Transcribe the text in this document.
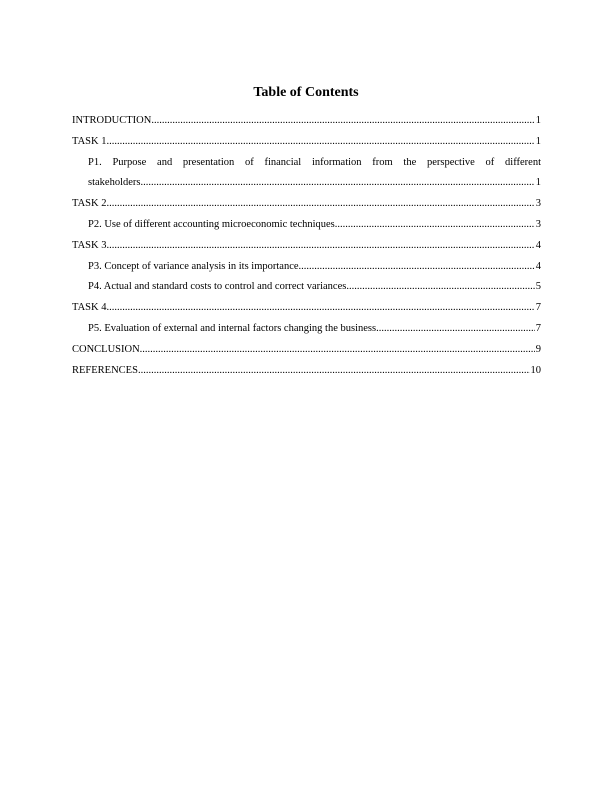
Table of Contents
INTRODUCTION .....	1
TASK 1 .....	1
P1. Purpose and presentation of financial information from the perspective of different
stakeholders .....	1
TASK 2 .....	3
P2. Use of different accounting microeconomic techniques .....	3
TASK 3 .....	4
P3. Concept of variance analysis in its importance .....	4
P4. Actual and standard costs to control and correct variances .....	5
TASK 4 .....	7
P5. Evaluation of external and internal factors changing the business .....	7
CONCLUSION .....	9
REFERENCES .....	10
